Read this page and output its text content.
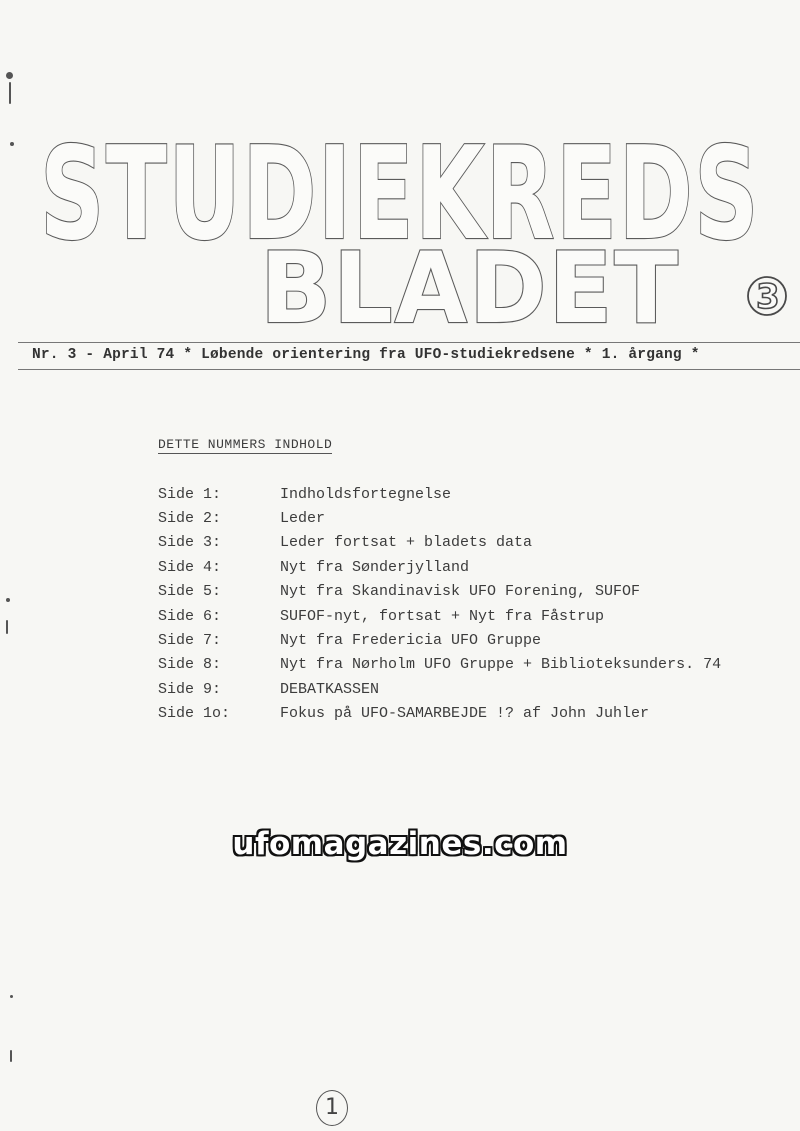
STUDIEKREDS
BLADET 3
Nr. 3 - April 74 * Løbende orientering fra UFO-studiekredsene * 1. årgang *
DETTE NUMMERS INDHOLD
Side 1:	Indholdsfortegnelse
Side 2:	Leder
Side 3:	Leder fortsat + bladets data
Side 4:	Nyt fra Sønderjylland
Side 5:	Nyt fra Skandinavisk UFO Forening, SUFOF
Side 6:	SUFOF-nyt, fortsat + Nyt fra Fåstrup
Side 7:	Nyt fra Fredericia UFO Gruppe
Side 8:	Nyt fra Nørholm UFO Gruppe + Biblioteksunders. 74
Side 9:	DEBATKASSEN
Side 1o:	Fokus på UFO-SAMARBEJDE !? af John Juhler
ufomagazines.com
1
